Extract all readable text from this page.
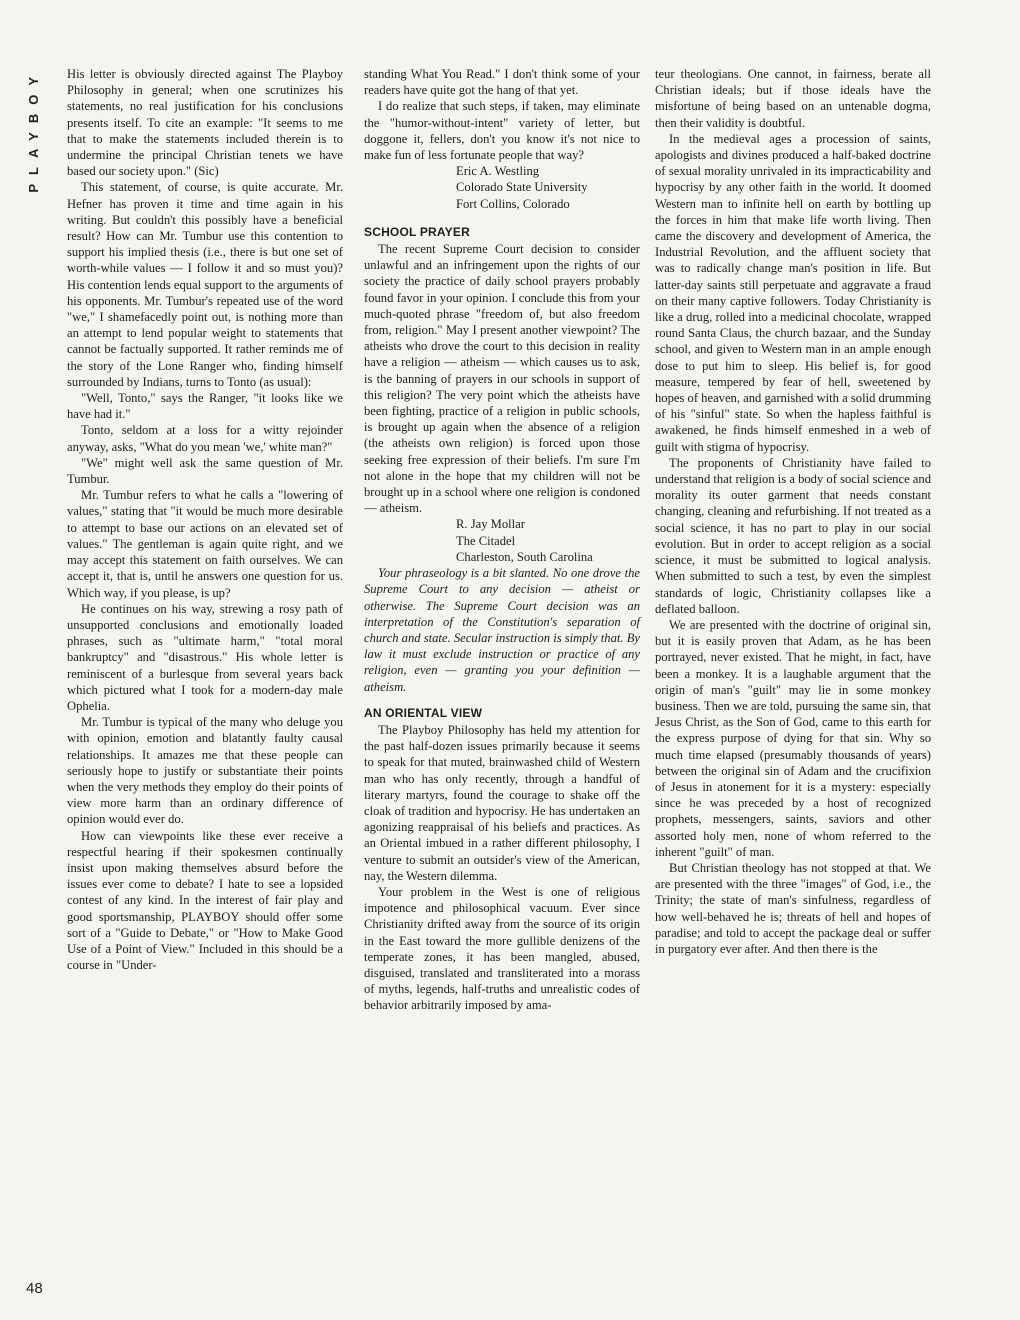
PLAYBOY
48

His letter is obviously directed against The Playboy Philosophy in general; when one scrutinizes his statements, no real justification for his conclusions presents itself. To cite an example: "It seems to me that to make the statements included therein is to undermine the principal Christian tenets we have based our society upon." (Sic)

This statement, of course, is quite accurate. Mr. Hefner has proven it time and time again in his writing. But couldn't this possibly have a beneficial result? How can Mr. Tumbur use this contention to support his implied thesis (i.e., there is but one set of worth-while values — I follow it and so must you)? His contention lends equal support to the arguments of his opponents. Mr. Tumbur's repeated use of the word "we," I shamefacedly point out, is nothing more than an attempt to lend popular weight to statements that cannot be factually supported. It rather reminds me of the story of the Lone Ranger who, finding himself surrounded by Indians, turns to Tonto (as usual):

"Well, Tonto," says the Ranger, "it looks like we have had it."

Tonto, seldom at a loss for a witty rejoinder anyway, asks, "What do you mean 'we,' white man?"

"We" might well ask the same question of Mr. Tumbur.

Mr. Tumbur refers to what he calls a "lowering of values," stating that "it would be much more desirable to attempt to base our actions on an elevated set of values." The gentleman is again quite right, and we may accept this statement on faith ourselves. We can accept it, that is, until he answers one question for us. Which way, if you please, is up?

He continues on his way, strewing a rosy path of unsupported conclusions and emotionally loaded phrases, such as "ultimate harm," "total moral bankruptcy" and "disastrous." His whole letter is reminiscent of a burlesque from several years back which pictured what I took for a modern-day male Ophelia.

Mr. Tumbur is typical of the many who deluge you with opinion, emotion and blatantly faulty causal relationships. It amazes me that these people can seriously hope to justify or substantiate their points when the very methods they employ do their points of view more harm than an ordinary difference of opinion would ever do.

How can viewpoints like these ever receive a respectful hearing if their spokesmen continually insist upon making themselves absurd before the issues ever come to debate? I hate to see a lopsided contest of any kind. In the interest of fair play and good sportsmanship, PLAYBOY should offer some sort of a "Guide to Debate," or "How to Make Good Use of a Point of View." Included in this should be a course in "Under-

standing What You Read." I don't think some of your readers have quite got the hang of that yet.

I do realize that such steps, if taken, may eliminate the "humor-without-intent" variety of letter, but doggone it, fellers, don't you know it's not nice to make fun of less fortunate people that way?

Eric A. Westling

Colorado State University

Fort Collins, Colorado

SCHOOL PRAYER

The recent Supreme Court decision to consider unlawful and an infringement upon the rights of our society the practice of daily school prayers probably found favor in your opinion. I conclude this from your much-quoted phrase "freedom of, but also freedom from, religion." May I present another viewpoint? The atheists who drove the court to this decision in reality have a religion — atheism — which causes us to ask, is the banning of prayers in our schools in support of this religion? The very point which the atheists have been fighting, practice of a religion in public schools, is brought up again when the absence of a religion (the atheists own religion) is forced upon those seeking free expression of their beliefs. I'm sure I'm not alone in the hope that my children will not be brought up in a school where one religion is condoned — atheism.

R. Jay Mollar

The Citadel

Charleston, South Carolina

Your phraseology is a bit slanted. No one drove the Supreme Court to any decision — atheist or otherwise. The Supreme Court decision was an interpretation of the Constitution's separation of church and state. Secular instruction is simply that. By law it must exclude instruction or practice of any religion, even — granting you your definition — atheism.

AN ORIENTAL VIEW

The Playboy Philosophy has held my attention for the past half-dozen issues primarily because it seems to speak for that muted, brainwashed child of Western man who has only recently, through a handful of literary martyrs, found the courage to shake off the cloak of tradition and hypocrisy. He has undertaken an agonizing reappraisal of his beliefs and practices. As an Oriental imbued in a rather different philosophy, I venture to submit an outsider's view of the American, nay, the Western dilemma.

Your problem in the West is one of religious impotence and philosophical vacuum. Ever since Christianity drifted away from the source of its origin in the East toward the more gullible denizens of the temperate zones, it has been mangled, abused, disguised, translated and transliterated into a morass of myths, legends, half-truths and unrealistic codes of behavior arbitrarily imposed by ama-

teur theologians. One cannot, in fairness, berate all Christian ideals; but if those ideals have the misfortune of being based on an untenable dogma, then their validity is doubtful.

In the medieval ages a procession of saints, apologists and divines produced a half-baked doctrine of sexual morality unrivaled in its impracticability and hypocrisy by any other faith in the world. It doomed Western man to infinite hell on earth by bottling up the forces in him that make life worth living. Then came the discovery and development of America, the Industrial Revolution, and the affluent society that was to radically change man's position in life. But latter-day saints still perpetuate and aggravate a fraud on their many captive followers. Today Christianity is like a drug, rolled into a medicinal chocolate, wrapped round Santa Claus, the church bazaar, and the Sunday school, and given to Western man in an ample enough dose to put him to sleep. His belief is, for good measure, tempered by fear of hell, sweetened by hopes of heaven, and garnished with a solid drumming of his "sinful" state. So when the hapless faithful is awakened, he finds himself enmeshed in a web of guilt with stigma of hypocrisy.

The proponents of Christianity have failed to understand that religion is a body of social science and morality its outer garment that needs constant changing, cleaning and refurbishing. If not treated as a social science, it has no part to play in our social evolution. But in order to accept religion as a social science, it must be submitted to logical analysis. When submitted to such a test, by even the simplest standards of logic, Christianity collapses like a deflated balloon.

We are presented with the doctrine of original sin, but it is easily proven that Adam, as he has been portrayed, never existed. That he might, in fact, have been a monkey. It is a laughable argument that the origin of man's "guilt" may lie in some monkey business. Then we are told, pursuing the same sin, that Jesus Christ, as the Son of God, came to this earth for the express purpose of dying for that sin. Why so much time elapsed (presumably thousands of years) between the original sin of Adam and the crucifixion of Jesus in atonement for it is a mystery: especially since he was preceded by a host of recognized prophets, messengers, saints, saviors and other assorted holy men, none of whom referred to the inherent "guilt" of man.

But Christian theology has not stopped at that. We are presented with the three "images" of God, i.e., the Trinity; the state of man's sinfulness, regardless of how well-behaved he is; threats of hell and hopes of paradise; and told to accept the package deal or suffer in purgatory ever after. And then there is the
